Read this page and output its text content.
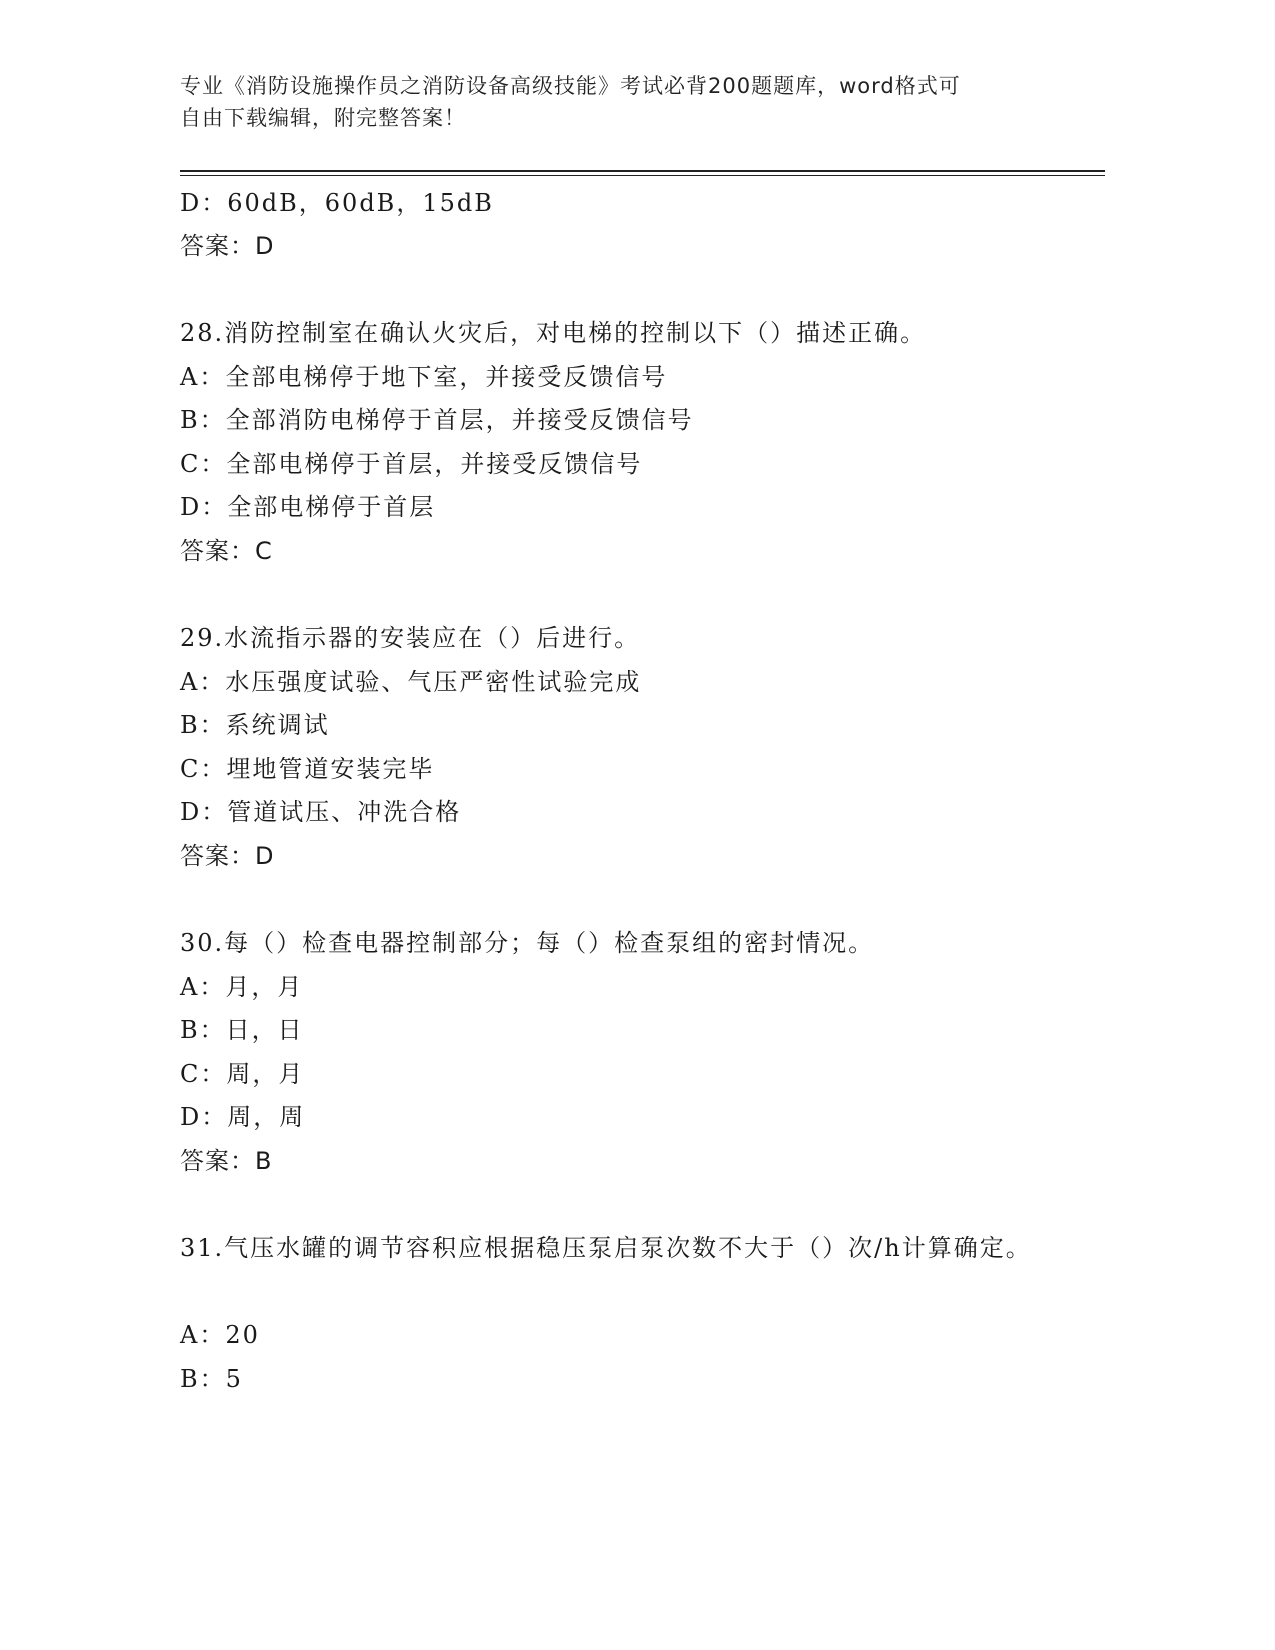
专业《消防设施操作员之消防设备高级技能》考试必背200题题库，word格式可
自由下载编辑，附完整答案！
D：60dB，60dB，15dB
答案：D
28.消防控制室在确认火灾后，对电梯的控制以下（）描述正确。
A：全部电梯停于地下室，并接受反馈信号
B：全部消防电梯停于首层，并接受反馈信号
C：全部电梯停于首层，并接受反馈信号
D：全部电梯停于首层
答案：C
29.水流指示器的安装应在（）后进行。
A：水压强度试验、气压严密性试验完成
B：系统调试
C：埋地管道安装完毕
D：管道试压、冲洗合格
答案：D
30.每（）检查电器控制部分；每（）检查泵组的密封情况。
A：月，月
B：日，日
C：周，月
D：周，周
答案：B
31.气压水罐的调节容积应根据稳压泵启泵次数不大于（）次/h计算确定。
A：20
B：5
